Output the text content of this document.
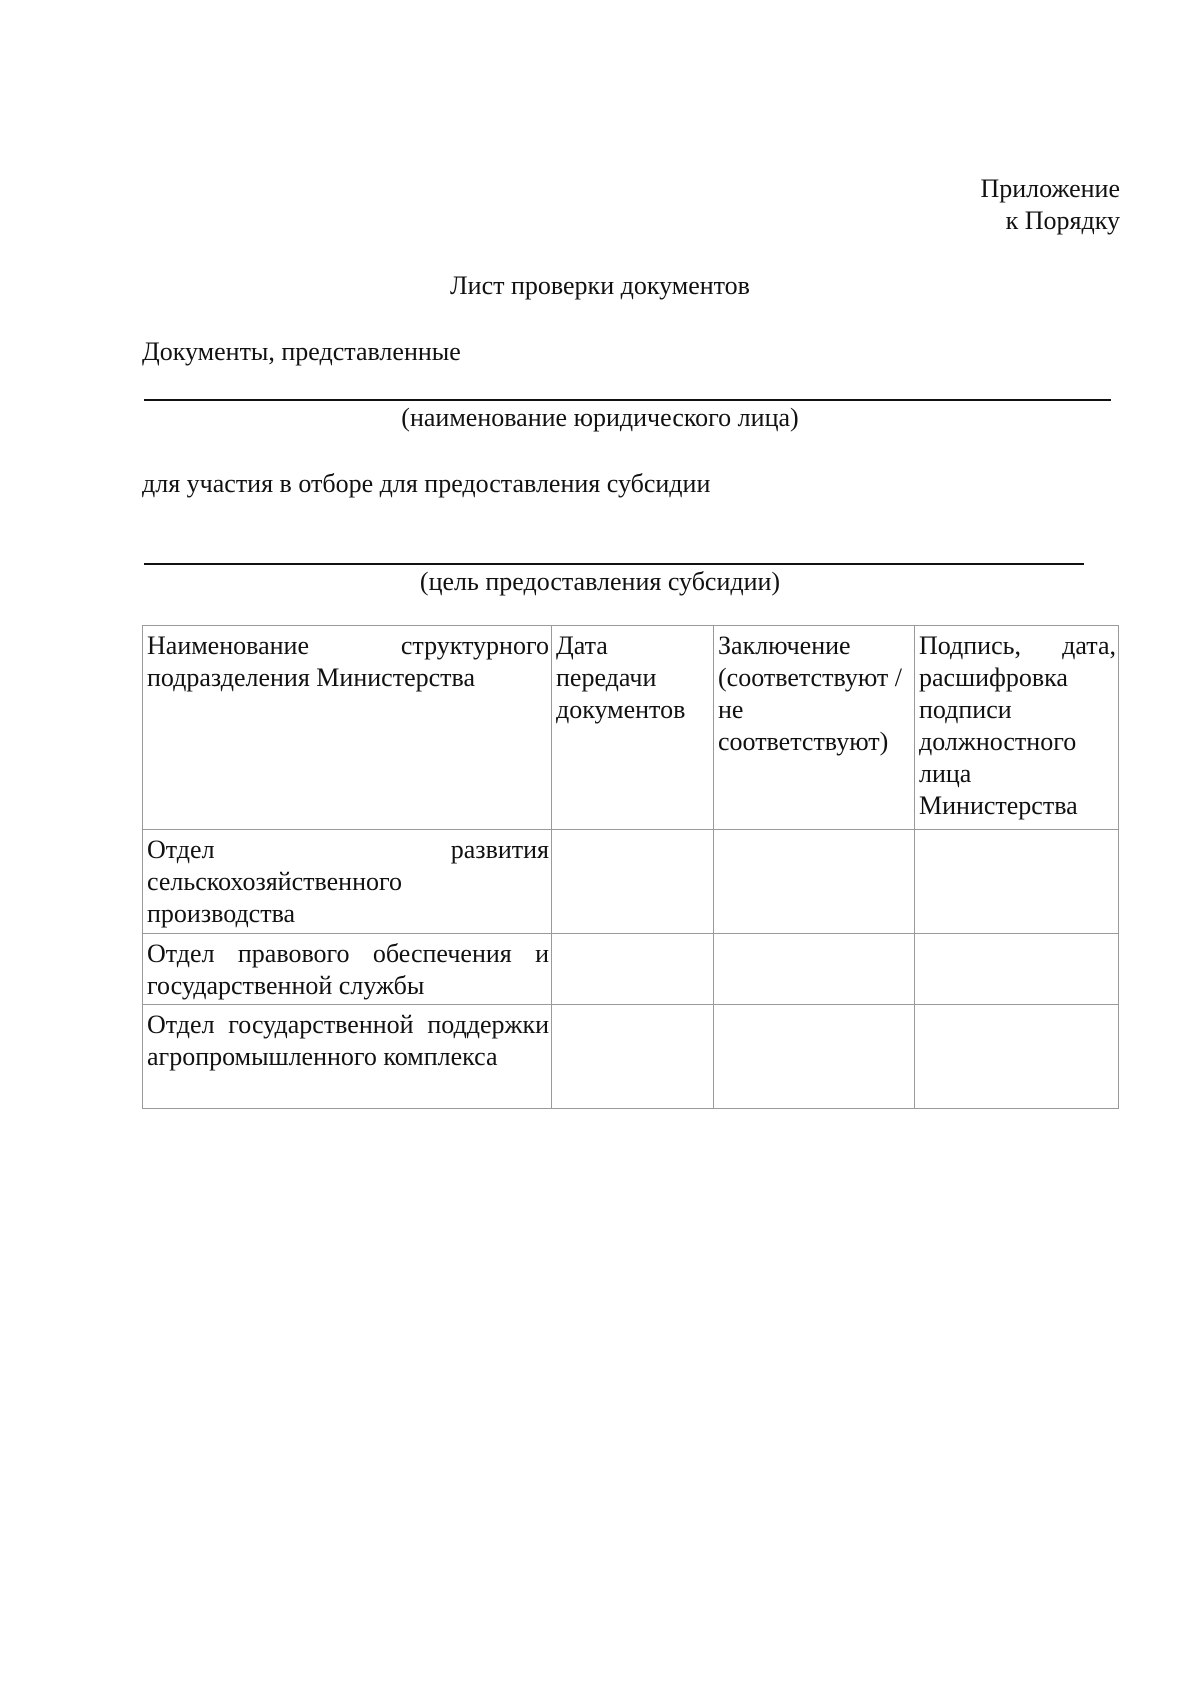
Приложение
к Порядку
Лист проверки документов
Документы, представленные
(наименование юридического лица)
для участия в отборе для предоставления субсидии
(цель предоставления субсидии)
Наименование структурного подразделения Министерства	Дата передачи документов	Заключение (соответствуют /не соответствуют)	Подпись, дата, расшифровка подписи должностного лица Министерства
Отдел развития сельскохозяйственного производства			
Отдел правового обеспечения и государственной службы			
Отдел государственной поддержки агропромышленного комплекса			
